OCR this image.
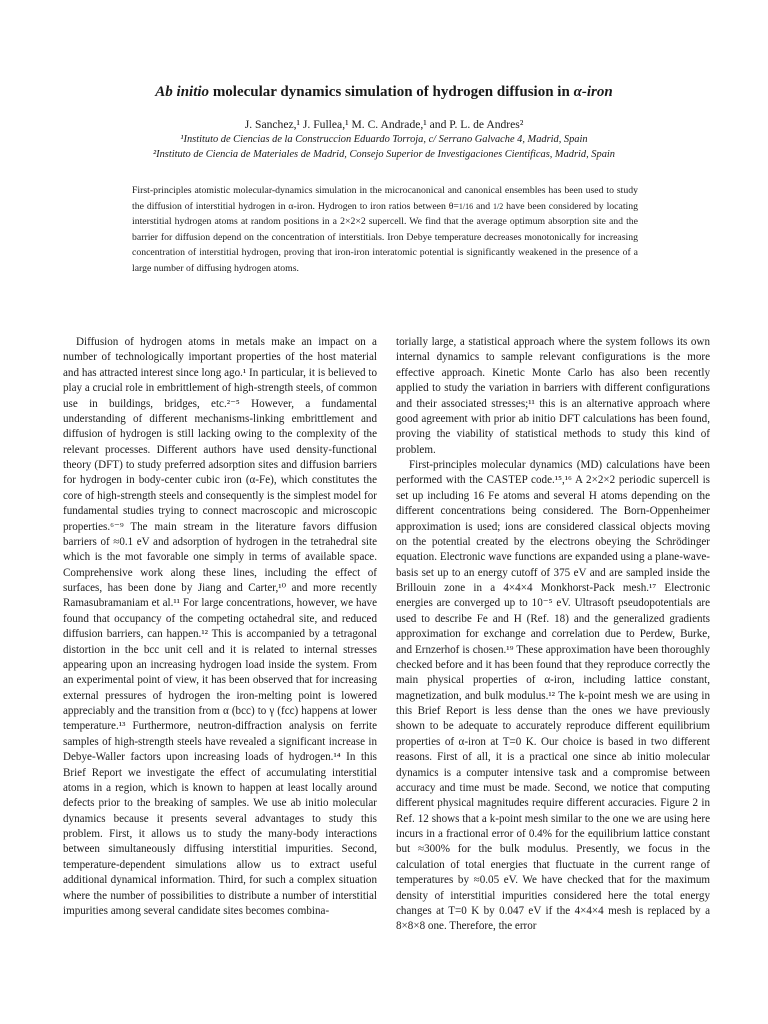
Ab initio molecular dynamics simulation of hydrogen diffusion in α-iron
J. Sanchez,¹ J. Fullea,¹ M. C. Andrade,¹ and P. L. de Andres²
¹Instituto de Ciencias de la Construccion Eduardo Torroja, c/ Serrano Galvache 4, Madrid, Spain
²Instituto de Ciencia de Materiales de Madrid, Consejo Superior de Investigaciones Cientificas, Madrid, Spain
First-principles atomistic molecular-dynamics simulation in the microcanonical and canonical ensembles has been used to study the diffusion of interstitial hydrogen in α-iron. Hydrogen to iron ratios between θ=1/16 and 1/2 have been considered by locating interstitial hydrogen atoms at random positions in a 2×2×2 supercell. We find that the average optimum absorption site and the barrier for diffusion depend on the concentration of interstitials. Iron Debye temperature decreases monotonically for increasing concentration of interstitial hydrogen, proving that iron-iron interatomic potential is significantly weakened in the presence of a large number of diffusing hydrogen atoms.

Diffusion of hydrogen atoms in metals make an impact on a number of technologically important properties of the host material and has attracted interest since long ago.¹ In particular, it is believed to play a crucial role in embrittlement of high-strength steels, of common use in buildings, bridges, etc.²⁻⁵ However, a fundamental understanding of different mechanisms-linking embrittlement and diffusion of hydrogen is still lacking owing to the complexity of the relevant processes. Different authors have used density-functional theory (DFT) to study preferred adsorption sites and diffusion barriers for hydrogen in body-center cubic iron (α-Fe), which constitutes the core of high-strength steels and consequently is the simplest model for fundamental studies trying to connect macroscopic and microscopic properties.⁶⁻⁹ The main stream in the literature favors diffusion barriers of ≈0.1 eV and adsorption of hydrogen in the tetrahedral site which is the mot favorable one simply in terms of available space. Comprehensive work along these lines, including the effect of surfaces, has been done by Jiang and Carter,¹⁰ and more recently Ramasubramaniam et al.¹¹ For large concentrations, however, we have found that occupancy of the competing octahedral site, and reduced diffusion barriers, can happen.¹² This is accompanied by a tetragonal distortion in the bcc unit cell and it is related to internal stresses appearing upon an increasing hydrogen load inside the system. From an experimental point of view, it has been observed that for increasing external pressures of hydrogen the iron-melting point is lowered appreciably and the transition from α (bcc) to γ (fcc) happens at lower temperature.¹³ Furthermore, neutron-diffraction analysis on ferrite samples of high-strength steels have revealed a significant increase in Debye-Waller factors upon increasing loads of hydrogen.¹⁴ In this Brief Report we investigate the effect of accumulating interstitial atoms in a region, which is known to happen at least locally around defects prior to the breaking of samples. We use ab initio molecular dynamics because it presents several advantages to study this problem. First, it allows us to study the many-body interactions between simultaneously diffusing interstitial impurities. Second, temperature-dependent simulations allow us to extract useful additional dynamical information. Third, for such a complex situation where the number of possibilities to distribute a number of interstitial impurities among several candidate sites becomes combina-

torially large, a statistical approach where the system follows its own internal dynamics to sample relevant configurations is the more effective approach. Kinetic Monte Carlo has also been recently applied to study the variation in barriers with different configurations and their associated stresses;¹¹ this is an alternative approach where good agreement with prior ab initio DFT calculations has been found, proving the viability of statistical methods to study this kind of problem.

First-principles molecular dynamics (MD) calculations have been performed with the CASTEP code.¹⁵,¹⁶ A 2×2×2 periodic supercell is set up including 16 Fe atoms and several H atoms depending on the different concentrations being considered. The Born-Oppenheimer approximation is used; ions are considered classical objects moving on the potential created by the electrons obeying the Schrödinger equation. Electronic wave functions are expanded using a plane-wave-basis set up to an energy cutoff of 375 eV and are sampled inside the Brillouin zone in a 4×4×4 Monkhorst-Pack mesh.¹⁷ Electronic energies are converged up to 10⁻⁵ eV. Ultrasoft pseudopotentials are used to describe Fe and H (Ref. 18) and the generalized gradients approximation for exchange and correlation due to Perdew, Burke, and Ernzerhof is chosen.¹⁹ These approximation have been thoroughly checked before and it has been found that they reproduce correctly the main physical properties of α-iron, including lattice constant, magnetization, and bulk modulus.¹² The k-point mesh we are using in this Brief Report is less dense than the ones we have previously shown to be adequate to accurately reproduce different equilibrium properties of α-iron at T=0 K. Our choice is based in two different reasons. First of all, it is a practical one since ab initio molecular dynamics is a computer intensive task and a compromise between accuracy and time must be made. Second, we notice that computing different physical magnitudes require different accuracies. Figure 2 in Ref. 12 shows that a k-point mesh similar to the one we are using here incurs in a fractional error of 0.4% for the equilibrium lattice constant but ≈300% for the bulk modulus. Presently, we focus in the calculation of total energies that fluctuate in the current range of temperatures by ≈0.05 eV. We have checked that for the maximum density of interstitial impurities considered here the total energy changes at T=0 K by 0.047 eV if the 4×4×4 mesh is replaced by a 8×8×8 one. Therefore, the error
